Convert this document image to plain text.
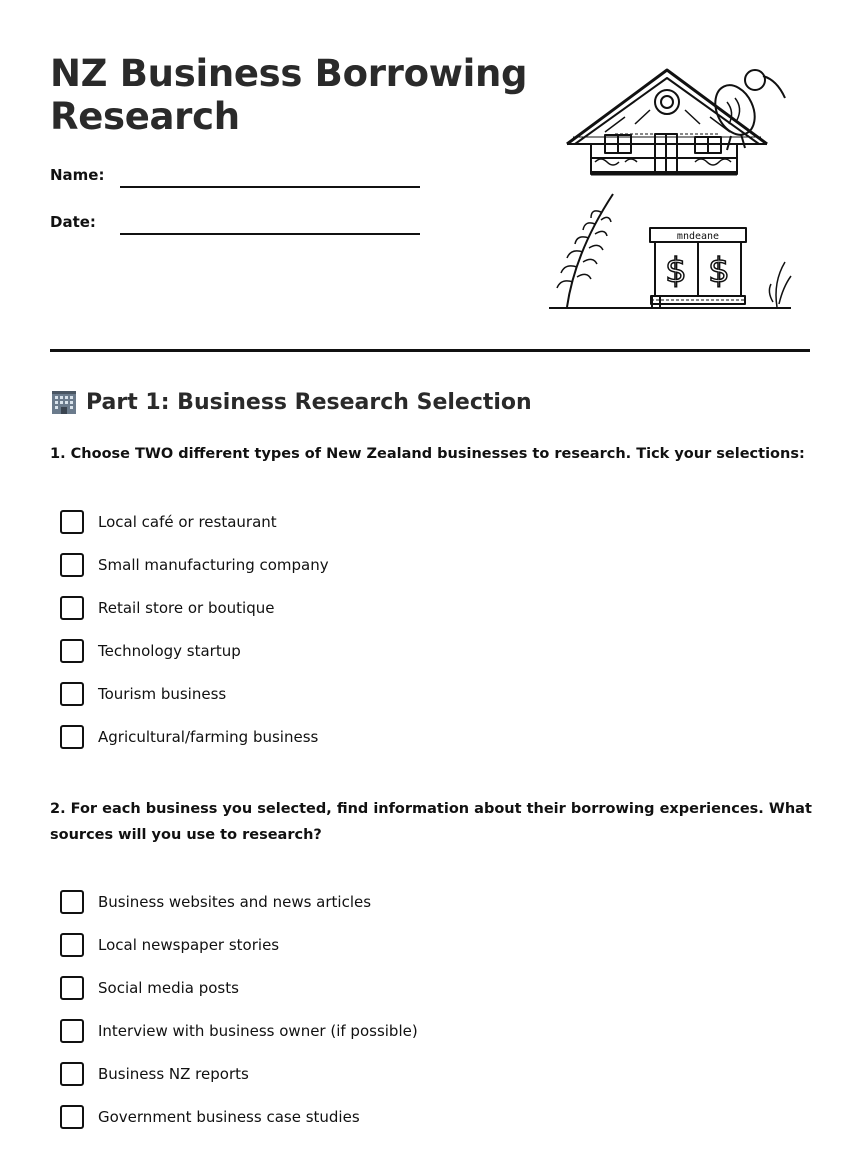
NZ Business Borrowing Research
Name:
Date:
mndeane
$ $
Part 1: Business Research Selection

1. Choose TWO different types of New Zealand businesses to research. Tick your selections:

Local café or restaurant
Small manufacturing company
Retail store or boutique
Technology startup
Tourism business
Agricultural/farming business

2. For each business you selected, find information about their borrowing experiences. What sources will you use to research?

Business websites and news articles
Local newspaper stories
Social media posts
Interview with business owner (if possible)
Business NZ reports
Government business case studies
